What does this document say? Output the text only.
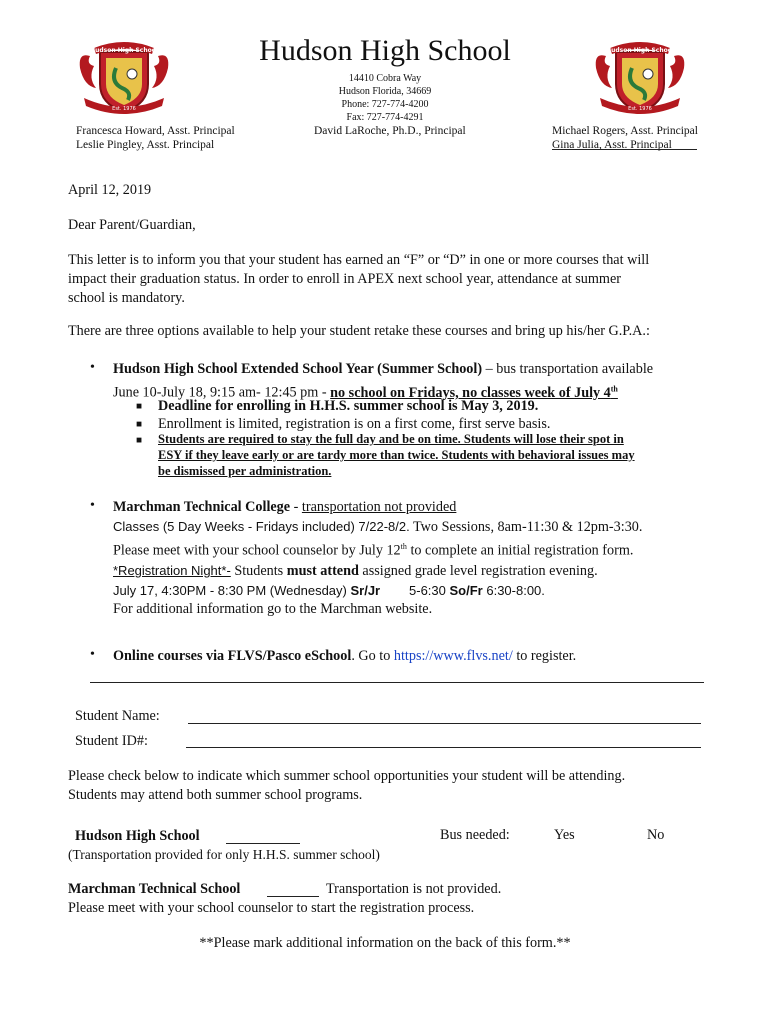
Hudson High School
Est. 1976
Hudson High School
Est. 1976
Hudson High School
14410 Cobra Way
Hudson Florida, 34669
Phone: 727-774-4200
Fax: 727-774-4291
Francesca Howard, Asst. Principal
Leslie Pingley, Asst. Principal
David LaRoche, Ph.D., Principal	Michael Rogers, Asst. Principal
Gina Julia, Asst. Principal
April 12, 2019
Dear Parent/Guardian,
This letter is to inform you that your student has earned an “F” or “D” in one or more courses that will
impact their graduation status. In order to enroll in APEX next school year, attendance at summer
school is mandatory.
There are three options available to help your student retake these courses and bring up his/her G.P.A.:
• Hudson High School Extended School Year (Summer School) – bus transportation available
June 10-July 18, 9:15 am- 12:45 pm - no school on Fridays, no classes week of July 4th
■ Deadline for enrolling in H.H.S. summer school is May 3, 2019.
■ Enrollment is limited, registration is on a first come, first serve basis.
■ Students are required to stay the full day and be on time. Students will lose their spot in
ESY if they leave early or are tardy more than twice. Students with behavioral issues may
be dismissed per administration.
• Marchman Technical College - transportation not provided
Classes (5 Day Weeks - Fridays included) 7/22-8/2. Two Sessions, 8am-11:30 & 12pm-3:30.
Please meet with your school counselor by July 12th to complete an initial registration form.
*Registration Night*- Students must attend assigned grade level registration evening.
July 17, 4:30PM - 8:30 PM (Wednesday) Sr/Jr        5-6:30 So/Fr 6:30-8:00.
For additional information go to the Marchman website.
• Online courses via FLVS/Pasco eSchool. Go to https://www.flvs.net/ to register.
Student Name:
Student ID#:
Please check below to indicate which summer school opportunities your student will be attending.
Students may attend both summer school programs.
Hudson High School	Bus needed:	Yes	No
(Transportation provided for only H.H.S. summer school)
Marchman Technical School	Transportation is not provided.
Please meet with your school counselor to start the registration process.
**Please mark additional information on the back of this form.**
